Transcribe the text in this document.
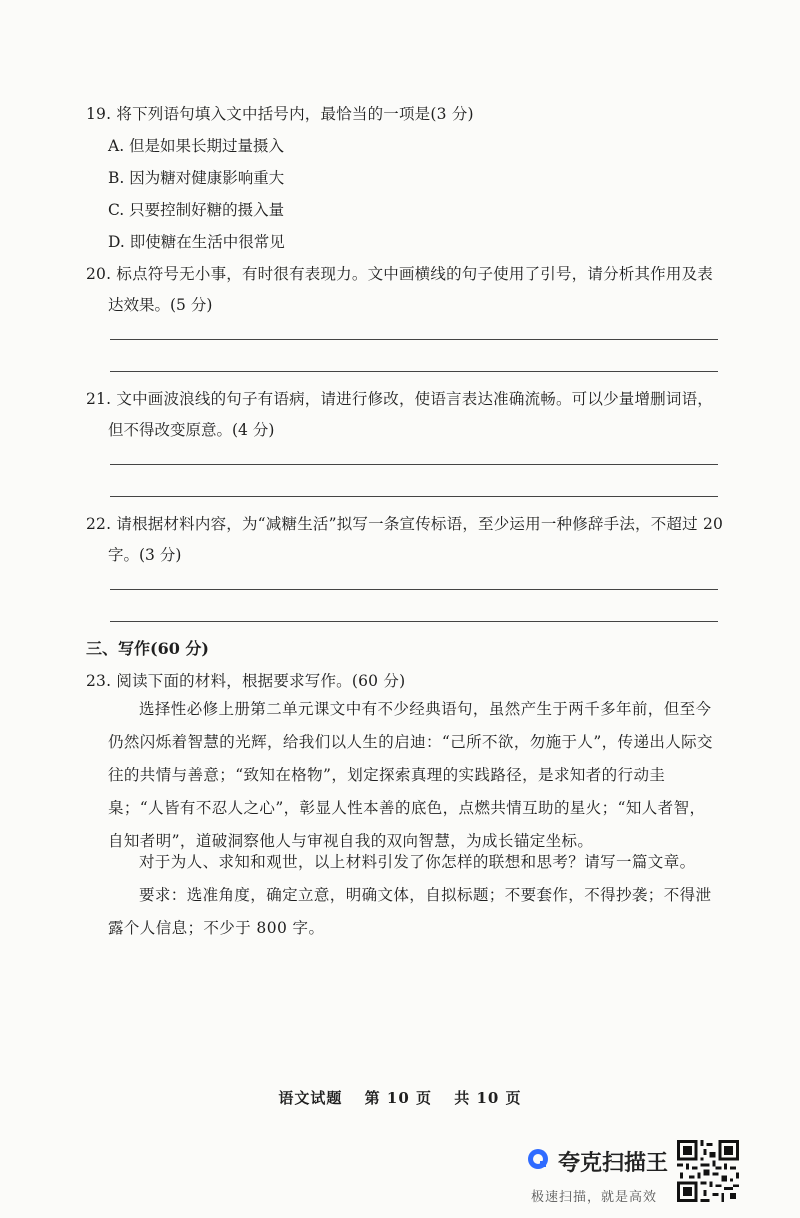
19. 将下列语句填入文中括号内，最恰当的一项是(3 分)
A. 但是如果长期过量摄入
B. 因为糖对健康影响重大
C. 只要控制好糖的摄入量
D. 即使糖在生活中很常见
20. 标点符号无小事，有时很有表现力。文中画横线的句子使用了引号，请分析其作用及表
达效果。(5 分)
21. 文中画波浪线的句子有语病，请进行修改，使语言表达准确流畅。可以少量增删词语，
但不得改变原意。(4 分)
22. 请根据材料内容，为“减糖生活”拟写一条宣传标语，至少运用一种修辞手法，不超过 20
字。(3 分)
三、写作(60 分)
23. 阅读下面的材料，根据要求写作。(60 分)
选择性必修上册第二单元课文中有不少经典语句，虽然产生于两千多年前，但至今仍然闪烁着智慧的光辉，给我们以人生的启迪：“己所不欲，勿施于人”，传递出人际交往的共情与善意；“致知在格物”，划定探索真理的实践路径，是求知者的行动圭臬；“人皆有不忍人之心”，彰显人性本善的底色，点燃共情互助的星火；“知人者智，自知者明”，道破洞察他人与审视自我的双向智慧，为成长锚定坐标。
对于为人、求知和观世，以上材料引发了你怎样的联想和思考？请写一篇文章。
要求：选准角度，确定立意，明确文体，自拟标题；不要套作，不得抄袭；不得泄露个人信息；不少于 800 字。
语文试题 第 10 页 共 10 页
夸克扫描王
极速扫描，就是高效
